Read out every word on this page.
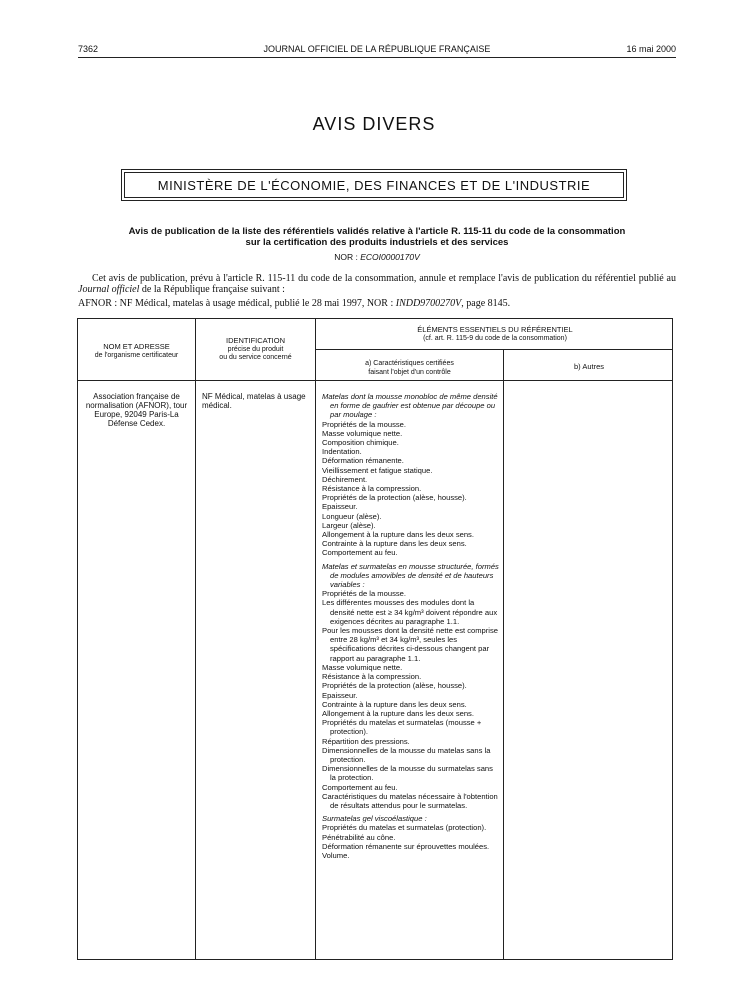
7362	JOURNAL OFFICIEL DE LA RÉPUBLIQUE FRANÇAISE	16 mai 2000
AVIS DIVERS
MINISTÈRE DE L'ÉCONOMIE, DES FINANCES ET DE L'INDUSTRIE
Avis de publication de la liste des référentiels validés relative à l'article R. 115-11 du code de la consommation
sur la certification des produits industriels et des services
NOR : ECOI0000170V
Cet avis de publication, prévu à l'article R. 115-11 du code de la consommation, annule et remplace l'avis de publication du référentiel publié au Journal officiel de la République française suivant :
AFNOR : NF Médical, matelas à usage médical, publié le 28 mai 1997, NOR : INDD9700270V, page 8145.
NOM ET ADRESSE
de l'organisme certificateur
IDENTIFICATION
précise du produit
ou du service concerné
ÉLÉMENTS ESSENTIELS DU RÉFÉRENTIEL
(cf. art. R. 115-9 du code de la consommation)
a) Caractéristiques certifiées
faisant l'objet d'un contrôle
b) Autres
Association française de normalisation (AFNOR), tour Europe, 92049 Paris-La Défense Cedex.
NF Médical, matelas à usage médical.
Matelas dont la mousse monobloc de même densité en forme de gaufrier est obtenue par découpe ou par moulage :
Propriétés de la mousse.
Masse volumique nette.
Composition chimique.
Indentation.
Déformation rémanente.
Vieillissement et fatigue statique.
Déchirement.
Résistance à la compression.
Propriétés de la protection (alèse, housse).
Epaisseur.
Longueur (alèse).
Largeur (alèse).
Allongement à la rupture dans les deux sens.
Contrainte à la rupture dans les deux sens.
Comportement au feu.
Matelas et surmatelas en mousse structurée, formés de modules amovibles de densité et de hauteurs variables :
Propriétés de la mousse.
Les différentes mousses des modules dont la densité nette est ≥ 34 kg/m³ doivent répondre aux exigences décrites au paragraphe 1.1.
Pour les mousses dont la densité nette est comprise entre 28 kg/m³ et 34 kg/m³, seules les spécifications décrites ci-dessous changent par rapport au paragraphe 1.1.
Masse volumique nette.
Résistance à la compression.
Propriétés de la protection (alèse, housse).
Epaisseur.
Contrainte à la rupture dans les deux sens.
Allongement à la rupture dans les deux sens.
Propriétés du matelas et surmatelas (mousse + protection).
Répartition des pressions.
Dimensionnelles de la mousse du matelas sans la protection.
Dimensionnelles de la mousse du surmatelas sans la protection.
Comportement au feu.
Caractéristiques du matelas nécessaire à l'obtention de résultats attendus pour le surmatelas.
Surmatelas gel viscoélastique :
Propriétés du matelas et surmatelas (protection).
Pénétrabilité au cône.
Déformation rémanente sur éprouvettes moulées.
Volume.
